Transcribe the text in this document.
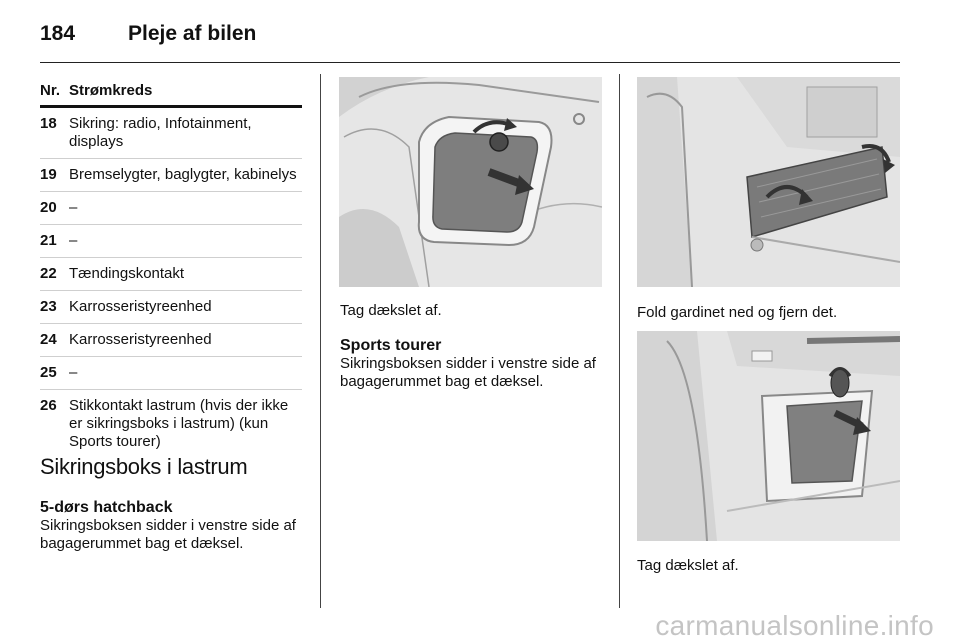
184	Pleje af bilen
Nr. Strømkreds
18 Sikring: radio, Infotainment, displays
19 Bremselygter, baglygter, kabinelys
20 –
21 –
22 Tændingskontakt
23 Karrosseristyreenhed
24 Karrosseristyreenhed
25 –
26 Stikkontakt lastrum (hvis der ikke er sikringsboks i lastrum) (kun Sports tourer)
Sikringsboks i lastrum
5-dørs hatchback
Sikringsboksen sidder i venstre side af bagagerummet bag et dæksel.
Tag dækslet af.
Sports tourer
Sikringsboksen sidder i venstre side af bagagerummet bag et dæksel.
Fold gardinet ned og fjern det.
Tag dækslet af.
carmanualsonline.info
